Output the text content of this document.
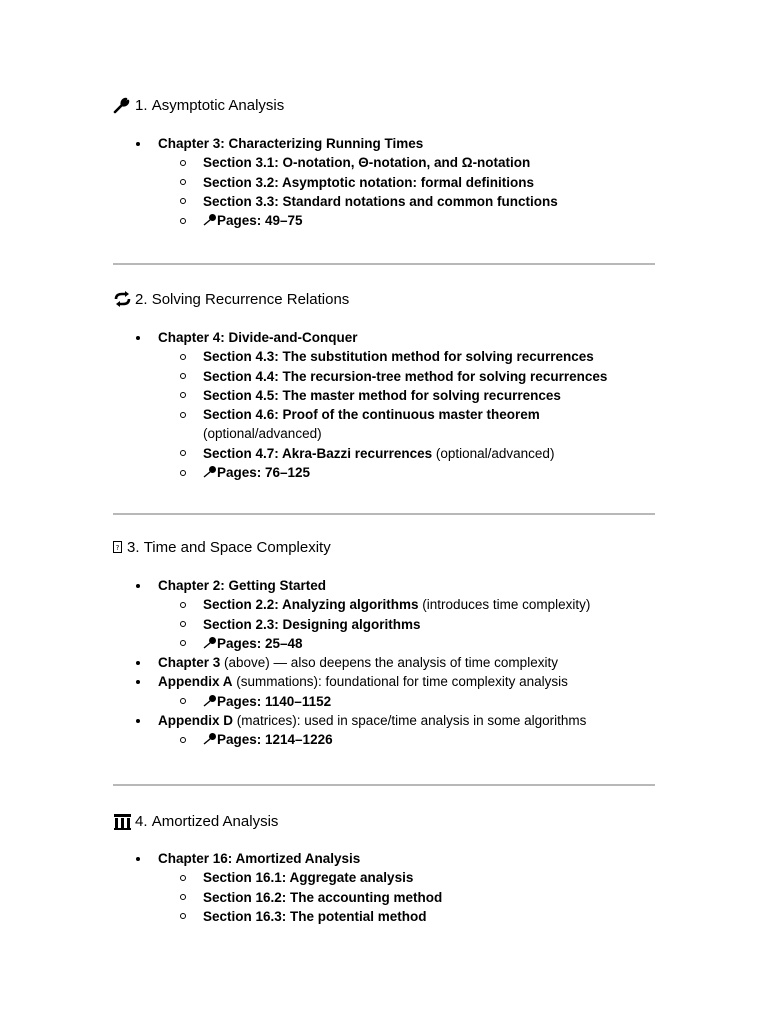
1.
Asymptotic Analysis
Chapter 3: Characterizing Running Times
Section 3.1: O-notation, Θ-notation, and Ω-notation
Section 3.2: Asymptotic notation: formal definitions
Section 3.3: Standard notations and common functions
Pages: 49–75
2.
Solving Recurrence Relations
Chapter 4: Divide-and-Conquer
Section 4.3: The substitution method for solving recurrences
Section 4.4: The recursion-tree method for solving recurrences
Section 4.5: The master method for solving recurrences
Section 4.6: Proof of the continuous master theorem
(optional/advanced)
Section 4.7: Akra-Bazzi recurrences (optional/advanced)
Pages: 76–125
? 3.
Time and Space Complexity
Chapter 2: Getting Started
Section 2.2: Analyzing algorithms (introduces time complexity)
Section 2.3: Designing algorithms
Pages: 25–48
Chapter 3 (above) — also deepens the analysis of time complexity
Appendix A (summations): foundational for time complexity analysis
Pages: 1140–1152
Appendix D (matrices): used in space/time analysis in some algorithms
Pages: 1214–1226
4.
Amortized Analysis
Chapter 16: Amortized Analysis
Section 16.1: Aggregate analysis
Section 16.2: The accounting method
Section 16.3: The potential method
